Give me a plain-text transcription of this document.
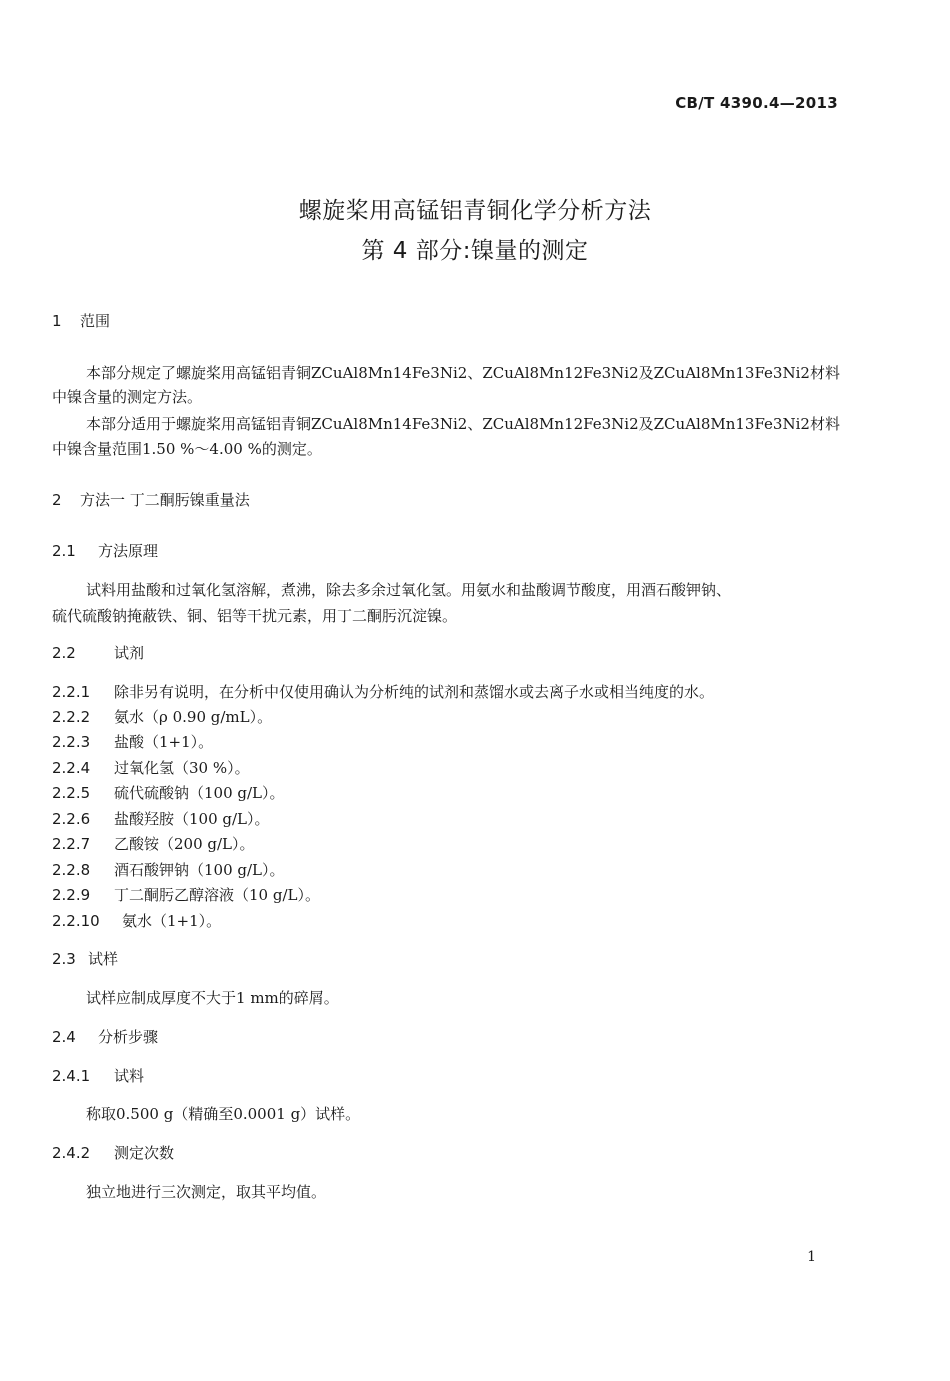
CB/T 4390.4—2013
螺旋桨用高锰铝青铜化学分析方法
第 4 部分:镍量的测定
1 范围
本部分规定了螺旋桨用高锰铝青铜ZCuAl8Mn14Fe3Ni2、ZCuAl8Mn12Fe3Ni2及ZCuAl8Mn13Fe3Ni2材料
中镍含量的测定方法。
本部分适用于螺旋桨用高锰铝青铜ZCuAl8Mn14Fe3Ni2、ZCuAl8Mn12Fe3Ni2及ZCuAl8Mn13Fe3Ni2材料
中镍含量范围1.50 %～4.00 %的测定。
2 方法一 丁二酮肟镍重量法
2.1 方法原理
试料用盐酸和过氧化氢溶解，煮沸，除去多余过氧化氢。用氨水和盐酸调节酸度，用酒石酸钾钠、
硫代硫酸钠掩蔽铁、铜、铝等干扰元素，用丁二酮肟沉淀镍。
2.2	试剂
2.2.1 除非另有说明，在分析中仅使用确认为分析纯的试剂和蒸馏水或去离子水或相当纯度的水。
2.2.2 氨水（ρ 0.90 g/mL）。
2.2.3 盐酸（1+1）。
2.2.4 过氧化氢（30 %）。
2.2.5 硫代硫酸钠（100 g/L）。
2.2.6 盐酸羟胺（100 g/L）。
2.2.7 乙酸铵（200 g/L）。
2.2.8 酒石酸钾钠（100 g/L）。
2.2.9 丁二酮肟乙醇溶液（10 g/L）。
2.2.10 氨水（1+1）。
2.3 试样
试样应制成厚度不大于1 mm的碎屑。
2.4 分析步骤
2.4.1 试料
称取0.500 g（精确至0.0001 g）试样。
2.4.2 测定次数
独立地进行三次测定，取其平均值。
1
